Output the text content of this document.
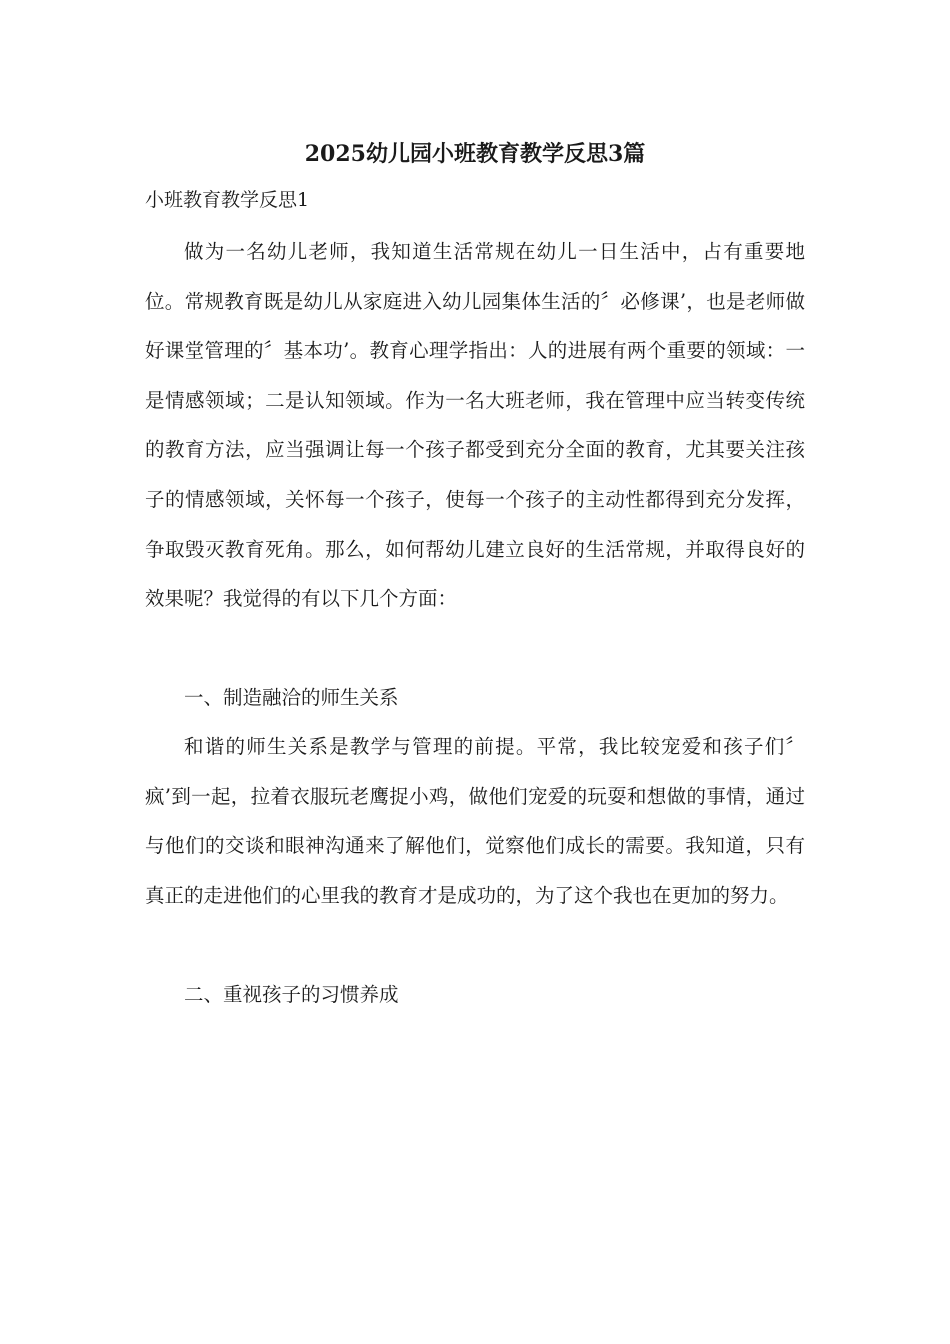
2025幼儿园小班教育教学反思3篇
小班教育教学反思1

做为一名幼儿老师，我知道生活常规在幼儿一日生活中，占有重要地位。常规教育既是幼儿从家庭进入幼儿园集体生活的〞必修课’，也是老师做好课堂管理的〞基本功’。教育心理学指出：人的进展有两个重要的领域：一是情感领域；二是认知领域。作为一名大班老师，我在管理中应当转变传统的教育方法，应当强调让每一个孩子都受到充分全面的教育，尤其要关注孩子的情感领域，关怀每一个孩子，使每一个孩子的主动性都得到充分发挥，争取毁灭教育死角。那么，如何帮幼儿建立良好的生活常规，并取得良好的效果呢？我觉得的有以下几个方面：

一、制造融洽的师生关系

和谐的师生关系是教学与管理的前提。平常，我比较宠爱和孩子们〞疯’到一起，拉着衣服玩老鹰捉小鸡，做他们宠爱的玩耍和想做的事情，通过与他们的交谈和眼神沟通来了解他们，觉察他们成长的需要。我知道，只有真正的走进他们的心里我的教育才是成功的，为了这个我也在更加的努力。

二、重视孩子的习惯养成
